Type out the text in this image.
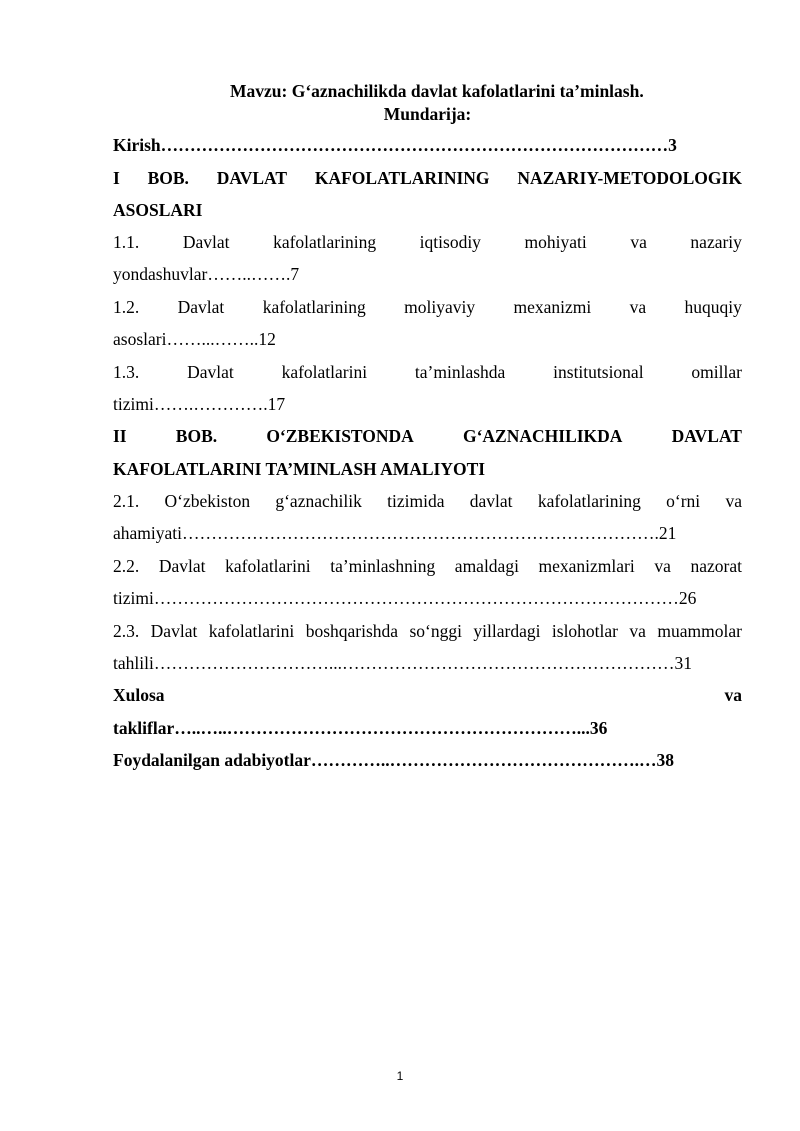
Mavzu: G‘aznachilikda davlat kafolatlarini ta’minlash.
Mundarija:
Kirish……………………………………………………………………………3
I BOB. DAVLAT KAFOLATLARINING NAZARIY-METODOLOGIK
ASOSLARI
1.1. Davlat kafolatlarining iqtisodiy mohiyati va nazariy
yondashuvlar……..…….7
1.2. Davlat kafolatlarining moliyaviy mexanizmi va huquqiy
asoslari……...……..12
1.3.	Davlat	kafolatlarini	ta’minlashda	institutsional	omillar
tizimi…….………….17
II	BOB.	O‘ZBEKISTONDA	G‘AZNACHILIKDA	DAVLAT
KAFOLATLARINI TA’MINLASH AMALIYOTI
2.1. O‘zbekiston g‘aznachilik tizimida davlat kafolatlarining o‘rni va
ahamiyati……………………………………………………………………….21
2.2. Davlat kafolatlarini ta’minlashning amaldagi mexanizmlari va nazorat
tizimi………………………………………………………………………………26
2.3. Davlat kafolatlarini boshqarishda so‘nggi yillardagi islohotlar va muammolar
tahlili…………………………...…………………………………………………31
Xulosa	va
takliflar…..…..……………………………………………………...36
Foydalanilgan adabiyotlar…………..…………………………………….…38
1
